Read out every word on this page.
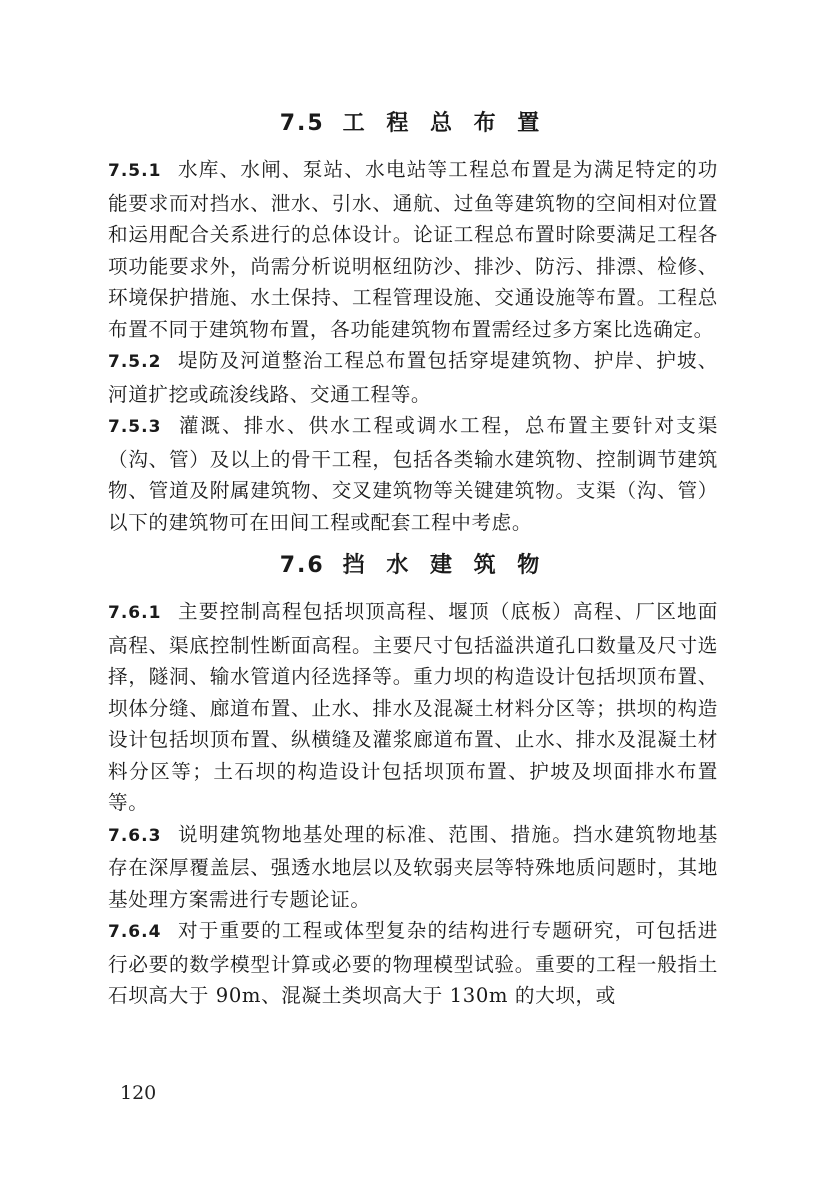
7.5 工 程 总 布 置

7.5.1 水库、水闸、泵站、水电站等工程总布置是为满足特定的功能要求而对挡水、泄水、引水、通航、过鱼等建筑物的空间相对位置和运用配合关系进行的总体设计。论证工程总布置时除要满足工程各项功能要求外，尚需分析说明枢纽防沙、排沙、防污、排漂、检修、环境保护措施、水土保持、工程管理设施、交通设施等布置。工程总布置不同于建筑物布置，各功能建筑物布置需经过多方案比选确定。

7.5.2 堤防及河道整治工程总布置包括穿堤建筑物、护岸、护坡、河道扩挖或疏浚线路、交通工程等。

7.5.3 灌溉、排水、供水工程或调水工程，总布置主要针对支渠（沟、管）及以上的骨干工程，包括各类输水建筑物、控制调节建筑物、管道及附属建筑物、交叉建筑物等关键建筑物。支渠（沟、管）以下的建筑物可在田间工程或配套工程中考虑。

7.6 挡 水 建 筑 物

7.6.1 主要控制高程包括坝顶高程、堰顶（底板）高程、厂区地面高程、渠底控制性断面高程。主要尺寸包括溢洪道孔口数量及尺寸选择，隧洞、输水管道内径选择等。重力坝的构造设计包括坝顶布置、坝体分缝、廊道布置、止水、排水及混凝土材料分区等；拱坝的构造设计包括坝顶布置、纵横缝及灌浆廊道布置、止水、排水及混凝土材料分区等；土石坝的构造设计包括坝顶布置、护坡及坝面排水布置等。

7.6.3 说明建筑物地基处理的标准、范围、措施。挡水建筑物地基存在深厚覆盖层、强透水地层以及软弱夹层等特殊地质问题时，其地基处理方案需进行专题论证。

7.6.4 对于重要的工程或体型复杂的结构进行专题研究，可包括进行必要的数学模型计算或必要的物理模型试验。重要的工程一般指土石坝高大于 90m、混凝土类坝高大于 130m 的大坝，或

120
